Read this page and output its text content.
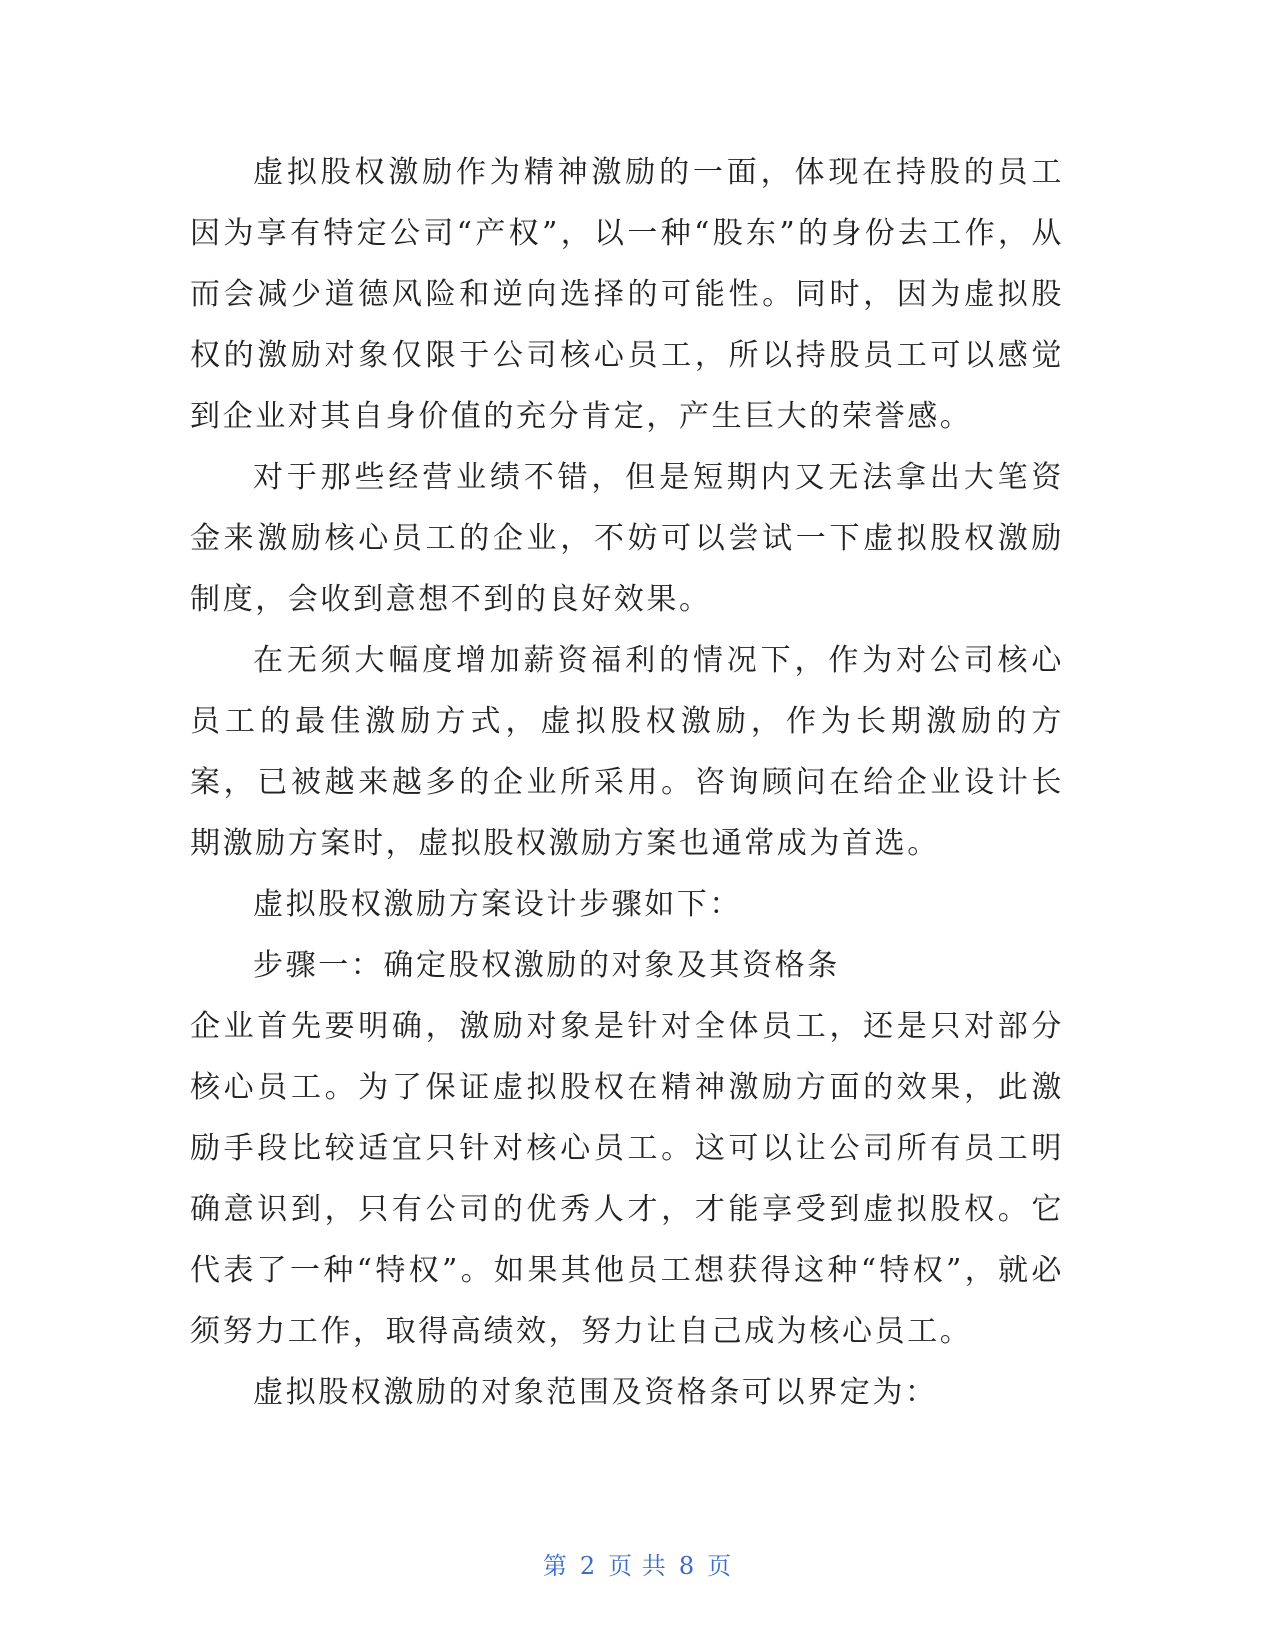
虚拟股权激励作为精神激励的一面，体现在持股的员工因为享有特定公司“产权”，以一种“股东”的身份去工作，从而会减少道德风险和逆向选择的可能性。同时，因为虚拟股权的激励对象仅限于公司核心员工，所以持股员工可以感觉到企业对其自身价值的充分肯定，产生巨大的荣誉感。

对于那些经营业绩不错，但是短期内又无法拿出大笔资金来激励核心员工的企业，不妨可以尝试一下虚拟股权激励制度，会收到意想不到的良好效果。

在无须大幅度增加薪资福利的情况下，作为对公司核心员工的最佳激励方式，虚拟股权激励，作为长期激励的方案，已被越来越多的企业所采用。咨询顾问在给企业设计长期激励方案时，虚拟股权激励方案也通常成为首选。

虚拟股权激励方案设计步骤如下：

步骤一：确定股权激励的对象及其资格条

企业首先要明确，激励对象是针对全体员工，还是只对部分核心员工。为了保证虚拟股权在精神激励方面的效果，此激励手段比较适宜只针对核心员工。这可以让公司所有员工明确意识到，只有公司的优秀人才，才能享受到虚拟股权。它代表了一种“特权”。如果其他员工想获得这种“特权”，就必须努力工作，取得高绩效，努力让自己成为核心员工。

虚拟股权激励的对象范围及资格条可以界定为：

第 2 页 共 8 页
